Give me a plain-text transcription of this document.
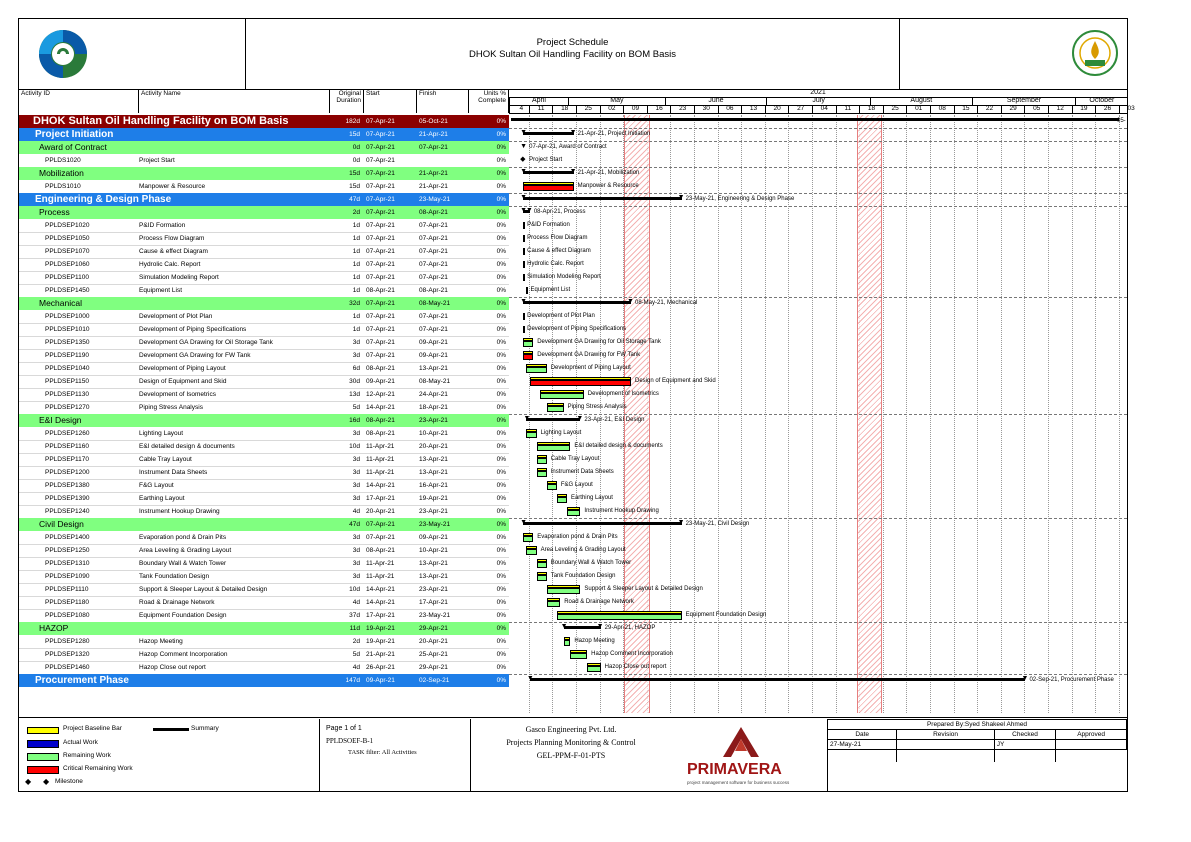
Project Schedule
DHOK Sultan Oil Handling Facility on BOM Basis
Activity ID	Activity Name	Original Duration
Start	Finish	Units % Complete
2021
April	May	June	July	August	September	October
4	11	18	25	02	09	16	23	30	06	13	20	27	04	11	18	25	01	08	15	22	29	05	12	19	26	03
DHOK Sultan Oil Handling Facility on BOM Basis	182d 07-Apr-21	05-Oct-21	0%
Project Initiation	15d 07-Apr-21	21-Apr-21	0%
Award of Contract	0d 07-Apr-21	07-Apr-21	0%
PPLDS1020	Project Start	0d 07-Apr-21	0%
Mobilization	15d 07-Apr-21	21-Apr-21	0%
PPLDS1010	Manpower & Resource	15d 07-Apr-21	21-Apr-21	0%
Engineering & Design Phase	47d 07-Apr-21	23-May-21	0%
Process	2d 07-Apr-21	08-Apr-21	0%
PPLDSEP1020	P&ID Formation	1d 07-Apr-21	07-Apr-21	0%
PPLDSEP1050	Process Flow Diagram	1d 07-Apr-21	07-Apr-21	0%
PPLDSEP1070	Cause & effect Diagram	1d 07-Apr-21	07-Apr-21	0%
PPLDSEP1060	Hydrolic Calc. Report	1d 07-Apr-21	07-Apr-21	0%
PPLDSEP1100	Simulation Modeling Report	1d 07-Apr-21	07-Apr-21	0%
PPLDSEP1450	Equipment List	1d 08-Apr-21	08-Apr-21	0%
Mechanical	32d 07-Apr-21	08-May-21	0%
PPLDSEP1000	Development of Plot Plan	1d 07-Apr-21	07-Apr-21	0%
PPLDSEP1010	Development of Piping Specifications	1d 07-Apr-21	07-Apr-21	0%
PPLDSEP1350	Development GA Drawing for Oil Storage Tank	3d 07-Apr-21	09-Apr-21	0%
PPLDSEP1190	Development GA Drawing for FW Tank	3d 07-Apr-21	09-Apr-21	0%
PPLDSEP1040	Development of Piping Layout	6d 08-Apr-21	13-Apr-21	0%
PPLDSEP1150	Design of Equipment and Skid	30d 09-Apr-21	08-May-21	0%
PPLDSEP1130	Development of Isometrics	13d 12-Apr-21	24-Apr-21	0%
PPLDSEP1270	Piping Stress Analysis	5d 14-Apr-21	18-Apr-21	0%
E&I Design	16d 08-Apr-21	23-Apr-21	0%
PPLDSEP1260	Lighting Layout	3d 08-Apr-21	10-Apr-21	0%
PPLDSEP1160	E&I detailed design & documents	10d 11-Apr-21	20-Apr-21	0%
PPLDSEP1170	Cable Tray Layout	3d 11-Apr-21	13-Apr-21	0%
PPLDSEP1200	Instrument Data Sheets	3d 11-Apr-21	13-Apr-21	0%
PPLDSEP1380	F&G Layout	3d 14-Apr-21	16-Apr-21	0%
PPLDSEP1390	Earthing Layout	3d 17-Apr-21	19-Apr-21	0%
PPLDSEP1240	Instrument Hookup Drawing	4d 20-Apr-21	23-Apr-21	0%
Civil Design	47d 07-Apr-21	23-May-21	0%
PPLDSEP1400	Evaporation pond & Drain Pits	3d 07-Apr-21	09-Apr-21	0%
PPLDSEP1250	Area Leveling & Grading Layout	3d 08-Apr-21	10-Apr-21	0%
PPLDSEP1310	Boundary Wall & Watch Tower	3d 11-Apr-21	13-Apr-21	0%
PPLDSEP1090	Tank Foundation Design	3d 11-Apr-21	13-Apr-21	0%
PPLDSEP1110	Support & Sleeper Layout & Detailed Design	10d 14-Apr-21	23-Apr-21	0%
PPLDSEP1180	Road & Drainage Network	4d 14-Apr-21	17-Apr-21	0%
PPLDSEP1080	Equipment Foundation Design	37d 17-Apr-21	23-May-21	0%
HAZOP	11d 19-Apr-21	29-Apr-21	0%
PPLDSEP1280	Hazop Meeting	2d 19-Apr-21	20-Apr-21	0%
PPLDSEP1320	Hazop Comment Incorporation	5d 21-Apr-21	25-Apr-21	0%
PPLDSEP1460	Hazop Close out report	4d 26-Apr-21	29-Apr-21	0%
Procurement Phase	147d 09-Apr-21	02-Sep-21	0%
05-
▼	▼ 21-Apr-21, Project Initiation
▼ 07-Apr-21, Award of Contract
◆ Project Start
▼	▼ 21-Apr-21, Mobilization
Manpower & Resource
▼	▼ 23-May-21, Engineering & Design Phase
▼
▼ 08-Apr-21, Process
P&ID Formation
Process Flow Diagram
Cause & effect Diagram
Hydrolic Calc. Report
Simulation Modeling Report
Equipment List
▼	▼ 08-May-21, Mechanical
Development of Plot Plan
Development of Piping Specifications
Development GA Drawing for Oil Storage Tank
Development GA Drawing for FW Tank
Development of Piping Layout
Design of Equipment and Skid
Development of Isometrics
Piping Stress Analysis
▼	▼ 23-Apr-21, E&I Design
Lighting Layout
E&I detailed design & documents
Cable Tray Layout
Instrument Data Sheets
F&G Layout
Earthing Layout
Instrument Hookup Drawing
▼	▼ 23-May-21, Civil Design
Evaporation pond & Drain Pits
Area Leveling & Grading Layout
Boundary Wall & Watch Tower
Tank Foundation Design
Support & Sleeper Layout & Detailed Design
Road & Drainage Network
Equipment Foundation Design
▼	▼ 29-Apr-21, HAZOP
Hazop Meeting
Hazop Comment Incorporation
Hazop Close out report
▼	▼ 02-Sep-21, Procurement Phase
Project Baseline Bar	Summary
Actual Work
Remaining Work
Critical Remaining Work
◆ ◆ Milestone
Page 1 of 1
PPLDSOEF-B-1
TASK filter: All Activities
Gasco Engineering Pvt. Ltd.
Projects Planning Monitoring & Control
GEL-PPM-F-01-PTS
PRIMAVERA
project management software for business success
Prepared By:Syed Shakeel Ahmed			
Date	Revision	Checked	Approved
27-May-21		JY	
